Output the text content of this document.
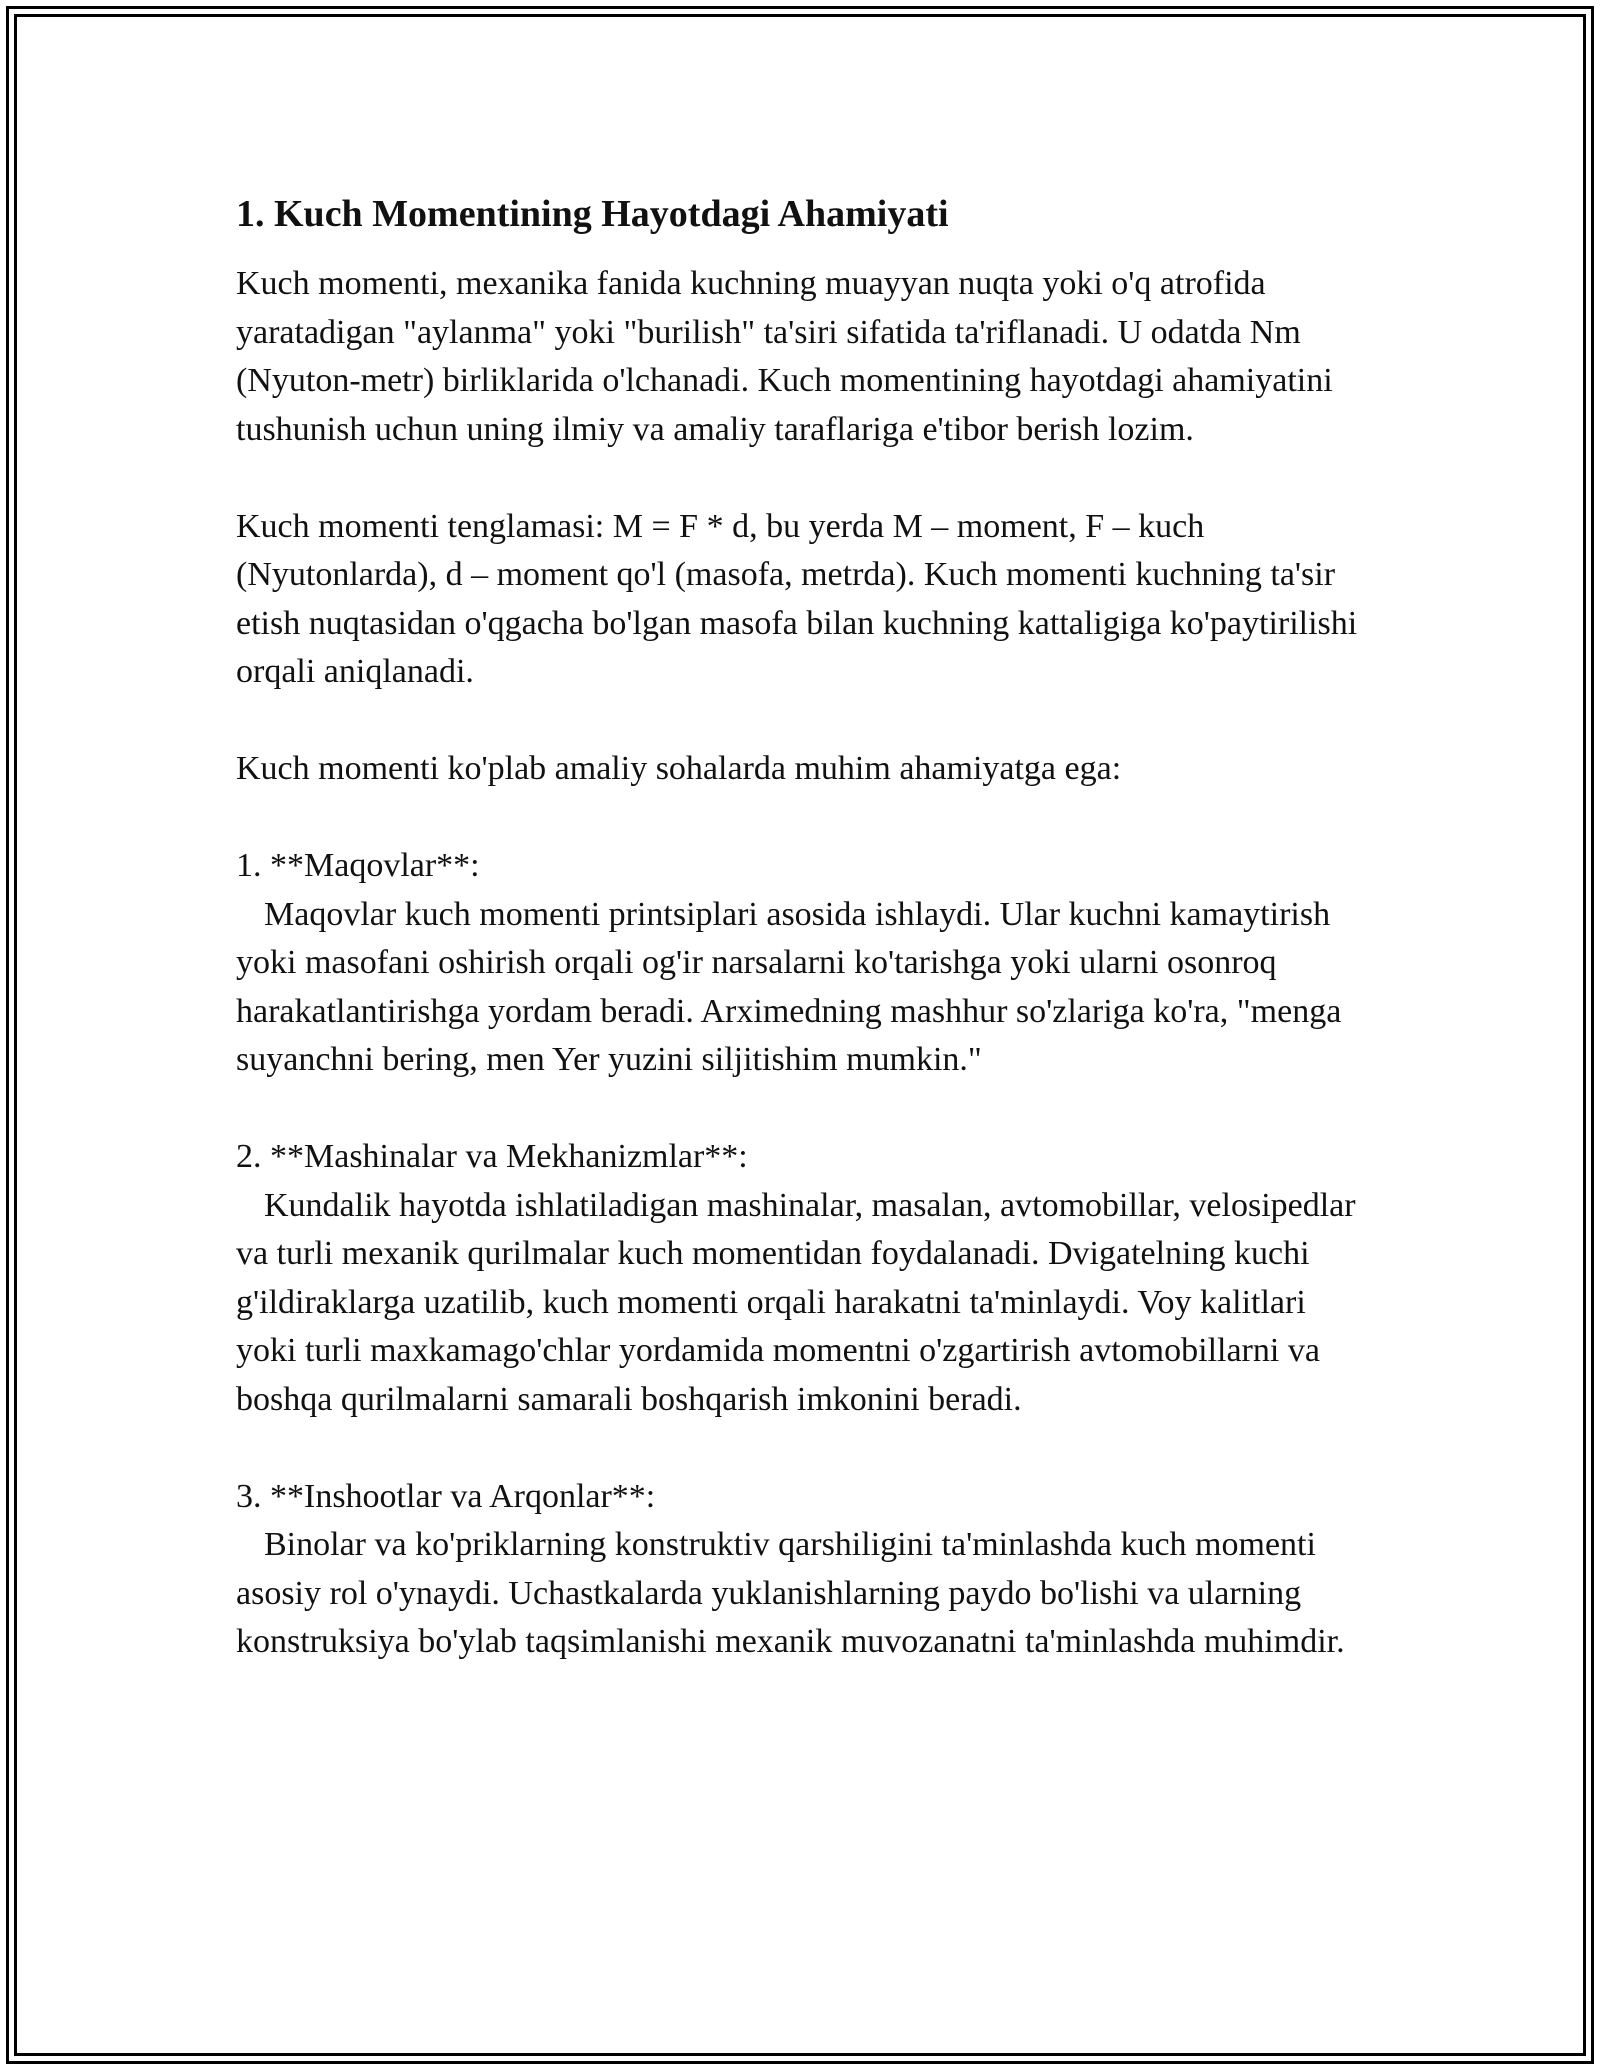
1. Kuch Momentining Hayotdagi Ahamiyati

Kuch momenti, mexanika fanida kuchning muayyan nuqta yoki o'q atrofida yaratadigan "aylanma" yoki "burilish" ta'siri sifatida ta'riflanadi. U odatda Nm (Nyuton-metr) birliklarida o'lchanadi. Kuch momentining hayotdagi ahamiyatini tushunish uchun uning ilmiy va amaliy taraflariga e'tibor berish lozim.

Kuch momenti tenglamasi: M = F * d, bu yerda M – moment, F – kuch (Nyutonlarda), d – moment qo'l (masofa, metrda). Kuch momenti kuchning ta'sir etish nuqtasidan o'qgacha bo'lgan masofa bilan kuchning kattaligiga ko'paytirilishi orqali aniqlanadi.

Kuch momenti ko'plab amaliy sohalarda muhim ahamiyatga ega:

1. **Maqovlar**:

Maqovlar kuch momenti printsiplari asosida ishlaydi. Ular kuchni kamaytirish yoki masofani oshirish orqali og'ir narsalarni ko'tarishga yoki ularni osonroq harakatlantirishga yordam beradi. Arximedning mashhur so'zlariga ko'ra, "menga suyanchni bering, men Yer yuzini siljitishim mumkin."

2. **Mashinalar va Mekhanizmlar**:

Kundalik hayotda ishlatiladigan mashinalar, masalan, avtomobillar, velosipedlar va turli mexanik qurilmalar kuch momentidan foydalanadi. Dvigatelning kuchi g'ildiraklarga uzatilib, kuch momenti orqali harakatni ta'minlaydi. Voy kalitlari yoki turli maxkamago'chlar yordamida momentni o'zgartirish avtomobillarni va boshqa qurilmalarni samarali boshqarish imkonini beradi.

3. **Inshootlar va Arqonlar**:

Binolar va ko'priklarning konstruktiv qarshiligini ta'minlashda kuch momenti asosiy rol o'ynaydi. Uchastkalarda yuklanishlarning paydo bo'lishi va ularning konstruksiya bo'ylab taqsimlanishi mexanik muvozanatni ta'minlashda muhimdir.
